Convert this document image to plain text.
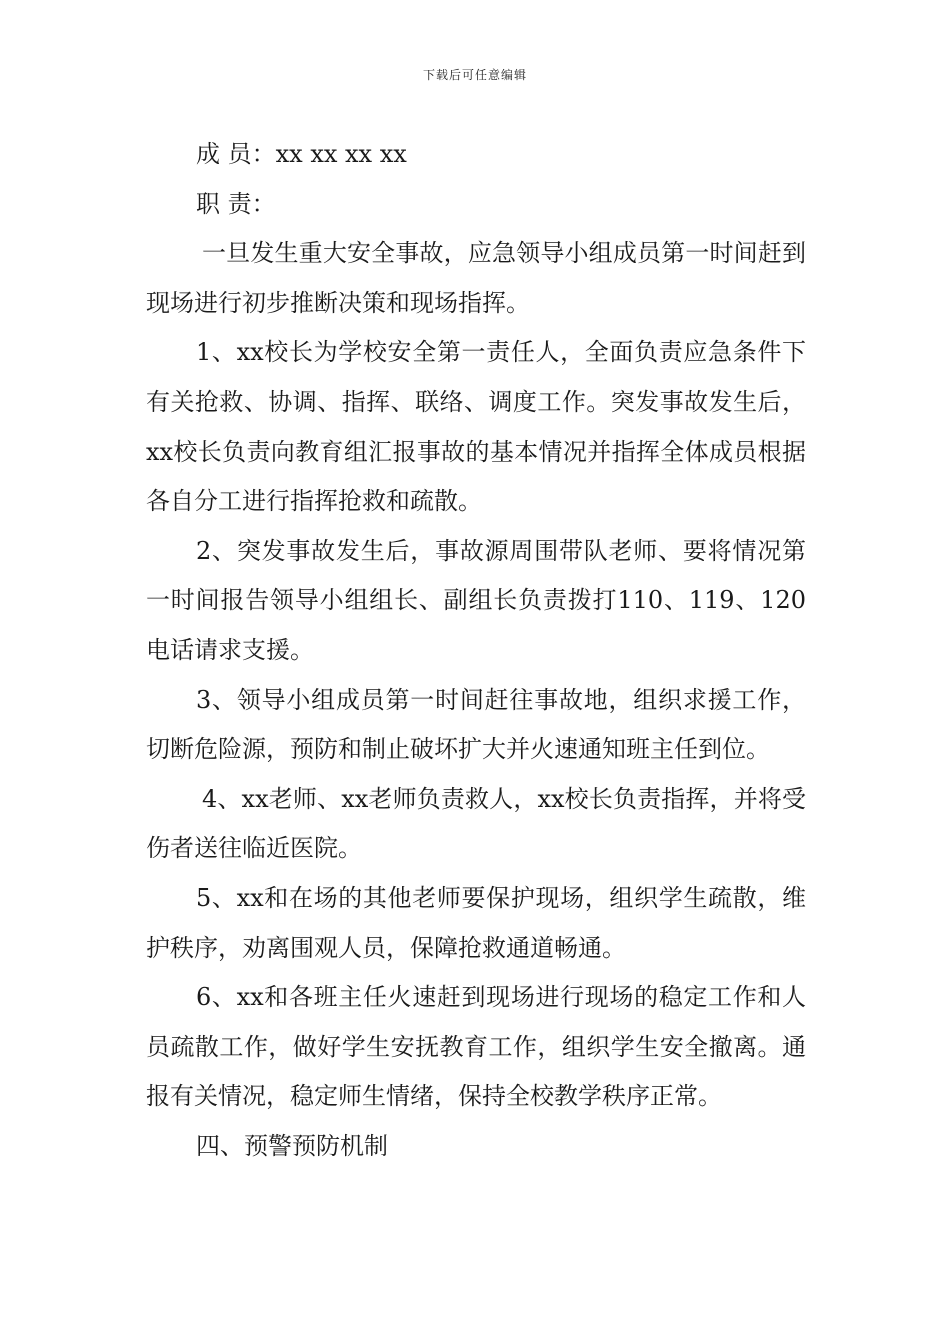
下载后可任意编辑

成 员：xx xx xx xx

职 责：

一旦发生重大安全事故，应急领导小组成员第一时间赶到现场进行初步推断决策和现场指挥。

1、xx校长为学校安全第一责任人，全面负责应急条件下有关抢救、协调、指挥、联络、调度工作。突发事故发生后，xx校长负责向教育组汇报事故的基本情况并指挥全体成员根据各自分工进行指挥抢救和疏散。

2、突发事故发生后，事故源周围带队老师、要将情况第一时间报告领导小组组长、副组长负责拨打110、119、120电话请求支援。

3、领导小组成员第一时间赶往事故地，组织求援工作，切断危险源，预防和制止破坏扩大并火速通知班主任到位。

4、xx老师、xx老师负责救人，xx校长负责指挥，并将受伤者送往临近医院。

5、xx和在场的其他老师要保护现场，组织学生疏散，维护秩序，劝离围观人员，保障抢救通道畅通。

6、xx和各班主任火速赶到现场进行现场的稳定工作和人员疏散工作，做好学生安抚教育工作，组织学生安全撤离。通报有关情况，稳定师生情绪，保持全校教学秩序正常。

四、预警预防机制
